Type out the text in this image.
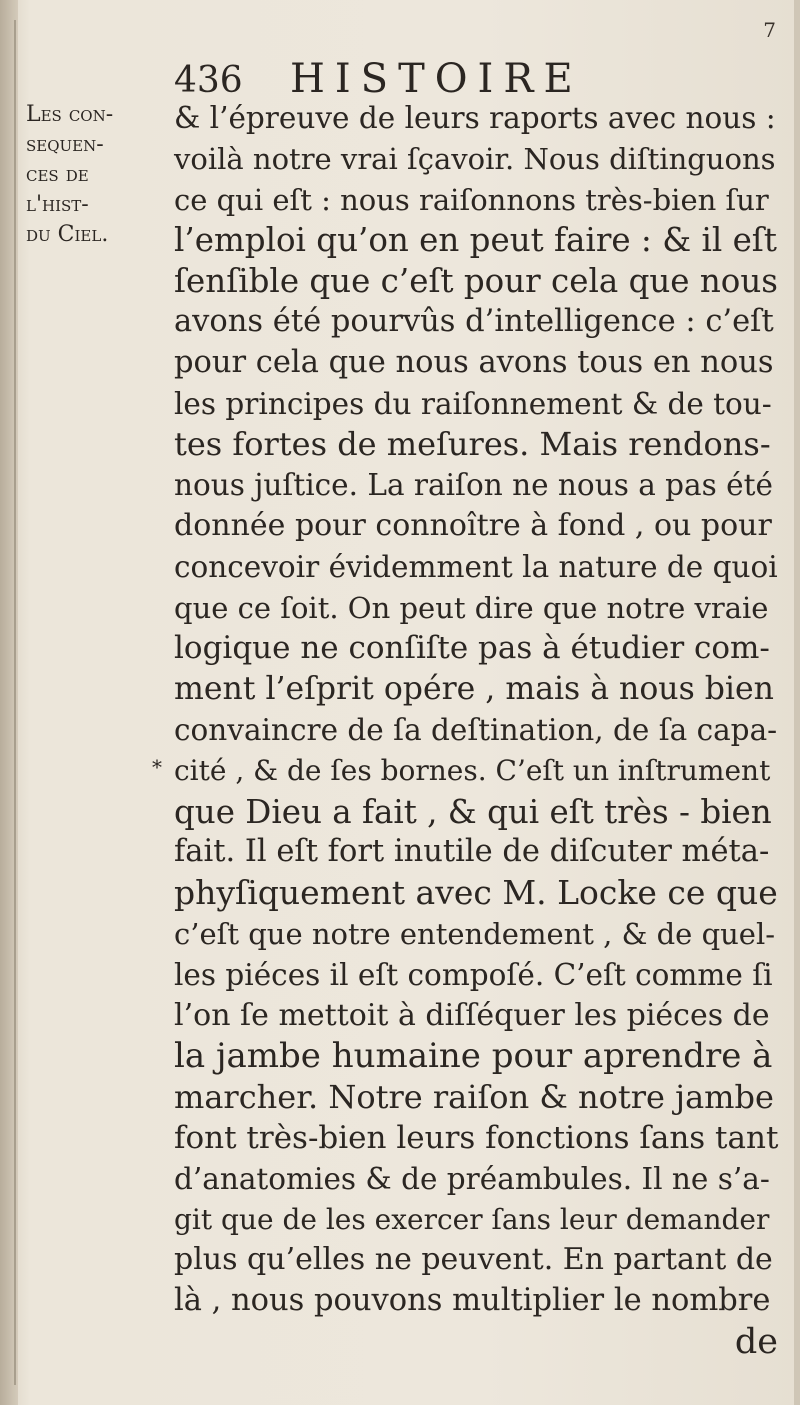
7
436 HISTOIRE
Les con-
sequen-
ces de
l'hist-
du Ciel.
*
& l’épreuve de leurs raports avec nous :
voilà notre vrai ſçavoir. Nous diſtinguons
ce qui eſt : nous raiſonnons très-bien ſur
l’emploi qu’on en peut faire : & il eſt
ſenſible que c’eſt pour cela que nous
avons été pourvûs d’intelligence : c’eſt
pour cela que nous avons tous en nous
les principes du raiſonnement & de tou-
tes fortes de meſures. Mais rendons-
nous juſtice. La raiſon ne nous a pas été
donnée pour connoître à fond , ou pour
concevoir évidemment la nature de quoi
que ce ſoit. On peut dire que notre vraie
logique ne conſiſte pas à étudier com-
ment l’eſprit opére , mais à nous bien
convaincre de ſa deſtination, de ſa capa-
cité , & de ſes bornes. C’eſt un inſtrument
que Dieu a fait , & qui eſt très - bien
fait. Il eſt fort inutile de diſcuter méta-
phyſiquement avec M. Locke ce que
c’eſt que notre entendement , & de quel-
les piéces il eſt compoſé. C’eſt comme ſi
l’on ſe mettoit à diſſéquer les piéces de
la jambe humaine pour aprendre à
marcher. Notre raiſon & notre jambe
font très-bien leurs fonctions ſans tant
d’anatomies & de préambules. Il ne s’a-
git que de les exercer ſans leur demander
plus qu’elles ne peuvent. En partant de
là , nous pouvons multiplier le nombre
de
